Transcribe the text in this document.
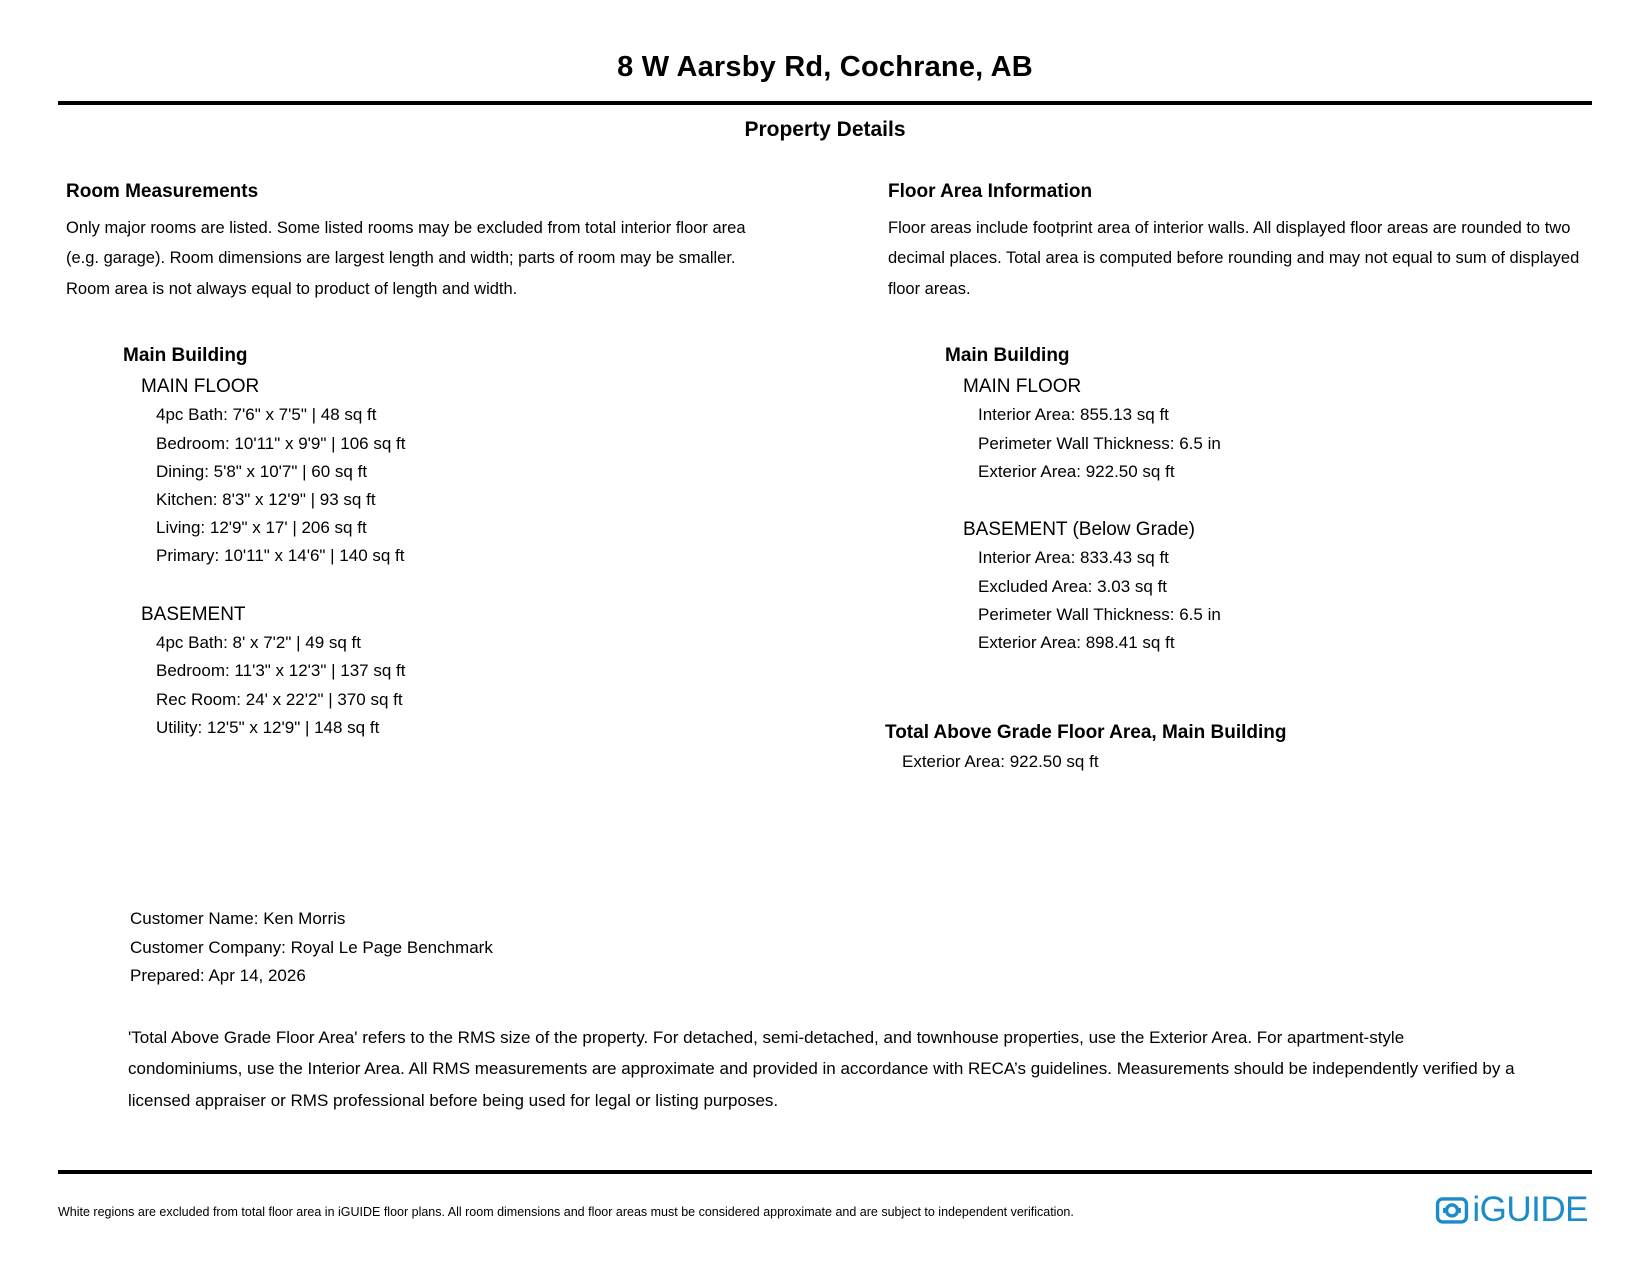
8 W Aarsby Rd, Cochrane, AB
Property Details
Room Measurements
Only major rooms are listed. Some listed rooms may be excluded from total interior floor area (e.g. garage). Room dimensions are largest length and width; parts of room may be smaller. Room area is not always equal to product of length and width.
Main Building
MAIN FLOOR
4pc Bath: 7'6" x 7'5" | 48 sq ft
Bedroom: 10'11" x 9'9" | 106 sq ft
Dining: 5'8" x 10'7" | 60 sq ft
Kitchen: 8'3" x 12'9" | 93 sq ft
Living: 12'9" x 17' | 206 sq ft
Primary: 10'11" x 14'6" | 140 sq ft
BASEMENT
4pc Bath: 8' x 7'2" | 49 sq ft
Bedroom: 11'3" x 12'3" | 137 sq ft
Rec Room: 24' x 22'2" | 370 sq ft
Utility: 12'5" x 12'9" | 148 sq ft
Floor Area Information
Floor areas include footprint area of interior walls. All displayed floor areas are rounded to two decimal places. Total area is computed before rounding and may not equal to sum of displayed floor areas.
Main Building
MAIN FLOOR
Interior Area: 855.13 sq ft
Perimeter Wall Thickness: 6.5 in
Exterior Area: 922.50 sq ft
BASEMENT (Below Grade)
Interior Area: 833.43 sq ft
Excluded Area: 3.03 sq ft
Perimeter Wall Thickness: 6.5 in
Exterior Area: 898.41 sq ft
Total Above Grade Floor Area, Main Building
Exterior Area: 922.50 sq ft
Customer Name: Ken Morris
Customer Company: Royal Le Page Benchmark
Prepared: Apr 14, 2026
'Total Above Grade Floor Area' refers to the RMS size of the property. For detached, semi-detached, and townhouse properties, use the Exterior Area. For apartment-style condominiums, use the Interior Area. All RMS measurements are approximate and provided in accordance with RECA’s guidelines. Measurements should be independently verified by a licensed appraiser or RMS professional before being used for legal or listing purposes.
White regions are excluded from total floor area in iGUIDE floor plans. All room dimensions and floor areas must be considered approximate and are subject to independent verification.	iGUIDE
